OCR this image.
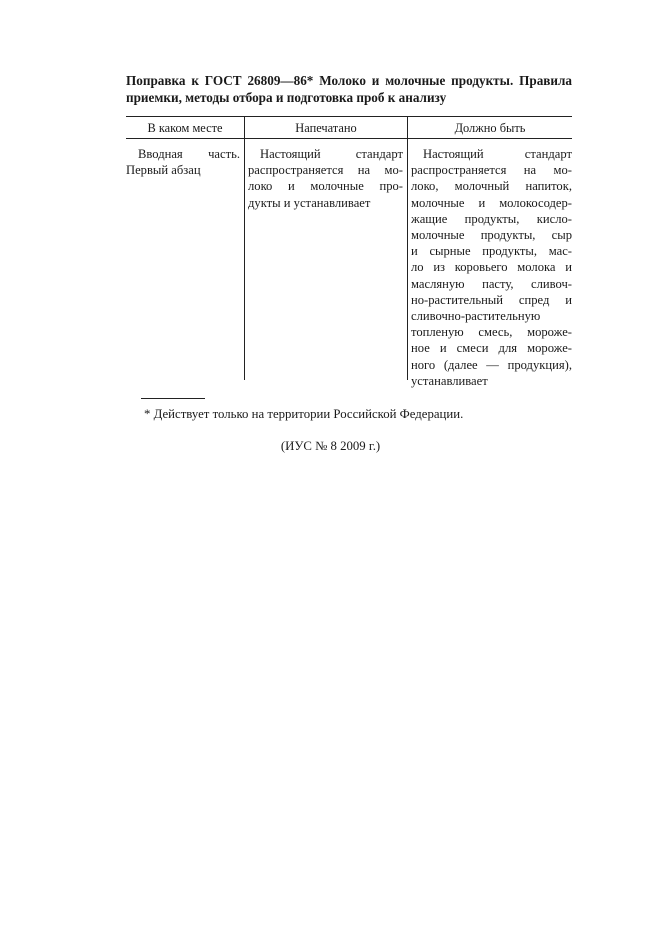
Поправка к ГОСТ 26809—86* Молоко и молочные продукты. Правила
приемки, методы отбора и подготовка проб к анализу
В каком месте	Напечатано	Должно быть
Вводная часть.
Первый абзац
Настоящий стандарт
распространяется на мо-
локо и молочные про-
дукты и устанавливает
Настоящий стандарт
распространяется на мо-
локо, молочный напиток,
молочные и молокосодер-
жащие продукты, кисло-
молочные продукты, сыр
и сырные продукты, мас-
ло из коровьего молока и
масляную пасту, сливоч-
но-растительный спред и
сливочно-растительную
топленую смесь, мороже-
ное и смеси для мороже-
ного (далее — продукция),
устанавливает
* Действует только на территории Российской Федерации.
(ИУС № 8 2009 г.)
